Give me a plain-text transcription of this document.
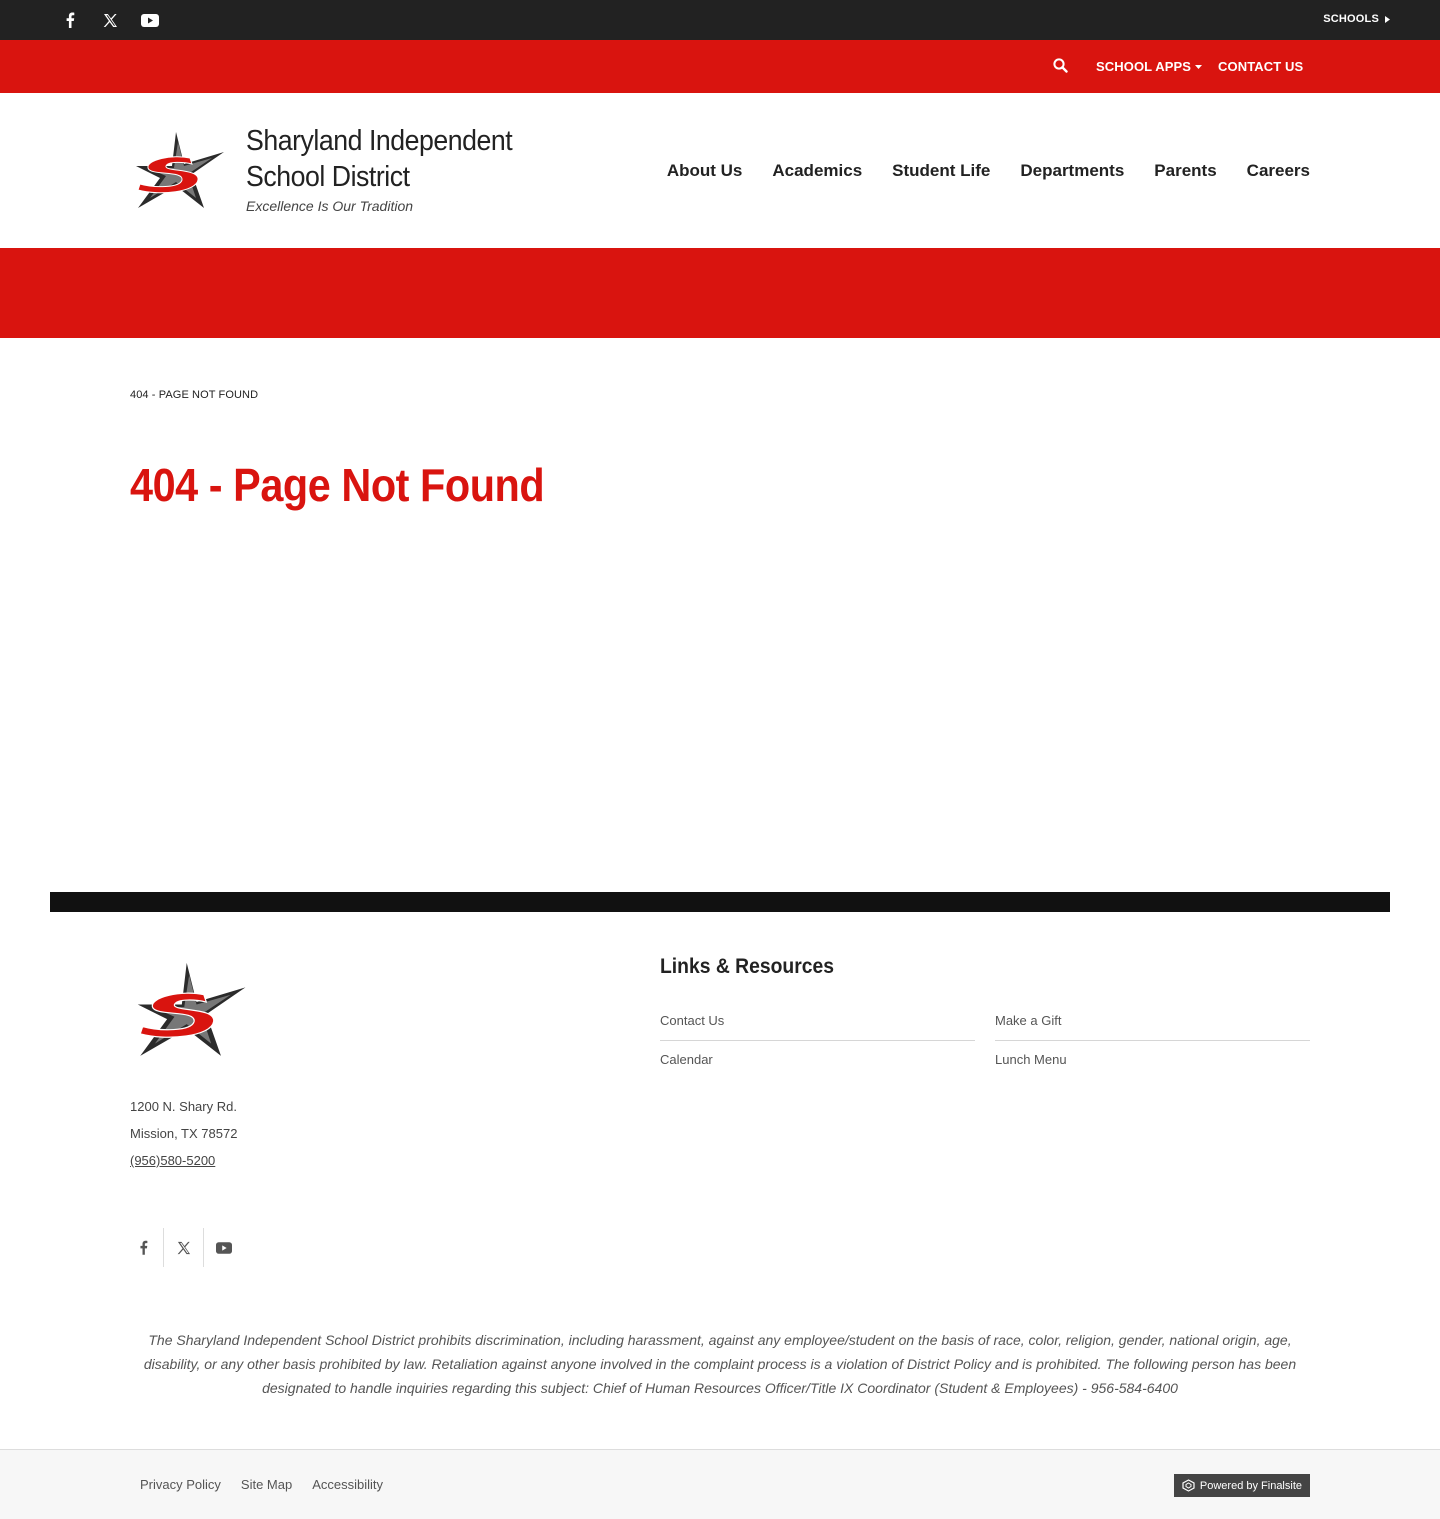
SCHOOLS
SCHOOL APPS CONTACT US
Sharyland Independent School District
Excellence Is Our Tradition
About Us Academics Student Life Departments Parents Careers
404 - PAGE NOT FOUND
404 - Page Not Found
1200 N. Shary Rd.
Mission, TX 78572
(956)580-5200
Links & Resources
Contact Us	Make a Gift
Calendar	Lunch Menu

The Sharyland Independent School District prohibits discrimination, including harassment, against any employee/student on the basis of race, color, religion, gender, national origin, age, disability, or any other basis prohibited by law. Retaliation against anyone involved in the complaint process is a violation of District Policy and is prohibited. The following person has been designated to handle inquiries regarding this subject: Chief of Human Resources Officer/Title IX Coordinator (Student & Employees) - 956-584-6400

Privacy Policy Site Map Accessibility	Powered by Finalsite
